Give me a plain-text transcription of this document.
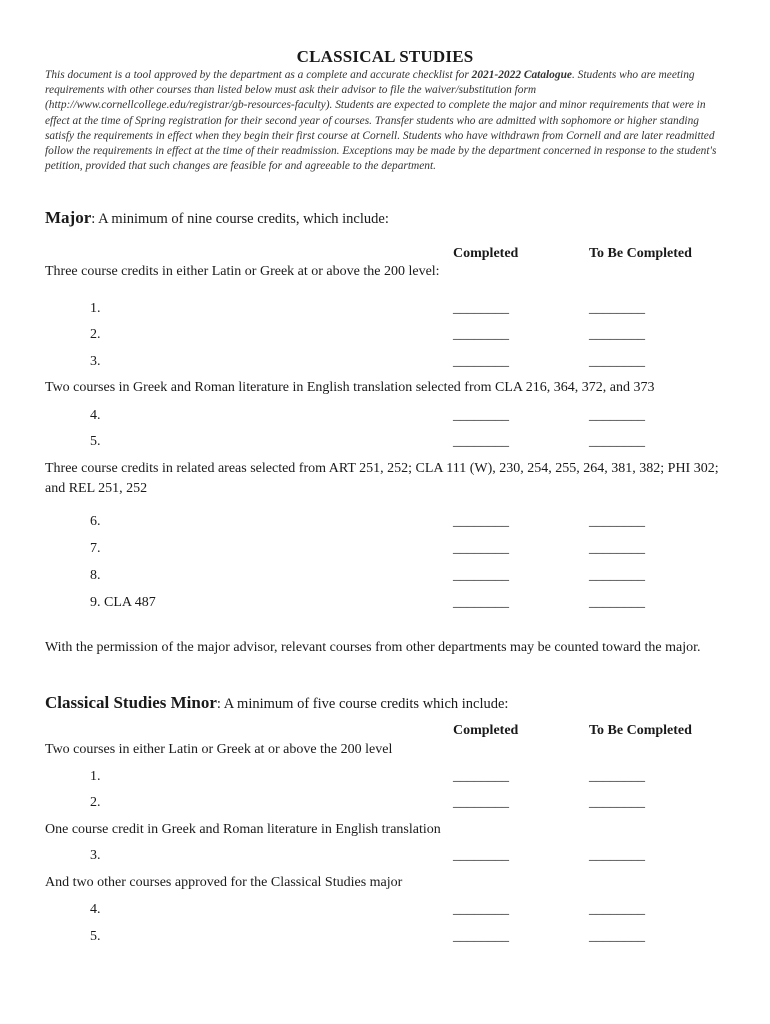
CLASSICAL STUDIES
This document is a tool approved by the department as a complete and accurate checklist for 2021-2022 Catalogue. Students who are meeting requirements with other courses than listed below must ask their advisor to file the waiver/substitution form (http://www.cornellcollege.edu/registrar/gb-resources-faculty). Students are expected to complete the major and minor requirements that were in effect at the time of Spring registration for their second year of courses. Transfer students who are admitted with sophomore or higher standing satisfy the requirements in effect when they begin their first course at Cornell. Students who have withdrawn from Cornell and are later readmitted follow the requirements in effect at the time of their readmission. Exceptions may be made by the department concerned in response to the student's petition, provided that such changes are feasible for and agreeable to the department.
Major: A minimum of nine course credits, which include:
Completed	To Be Completed
Three course credits in either Latin or Greek at or above the 200 level:
1.	________	________
2.	________	________
3.	________	________
Two courses in Greek and Roman literature in English translation selected from CLA 216, 364, 372, and 373
4.	________	________
5.	________	________
Three course credits in related areas selected from ART 251, 252; CLA 111 (W), 230, 254, 255, 264, 381, 382; PHI 302; and REL 251, 252
6.	________	________
7.	________	________
8.	________	________
9. CLA 487	________	________
With the permission of the major advisor, relevant courses from other departments may be counted toward the major.
Classical Studies Minor: A minimum of five course credits which include:
Completed	To Be Completed
Two courses in either Latin or Greek at or above the 200 level
1.	________	________
2.	________	________
One course credit in Greek and Roman literature in English translation
3.	________	________
And two other courses approved for the Classical Studies major
4.	________	________
5.	________	________
